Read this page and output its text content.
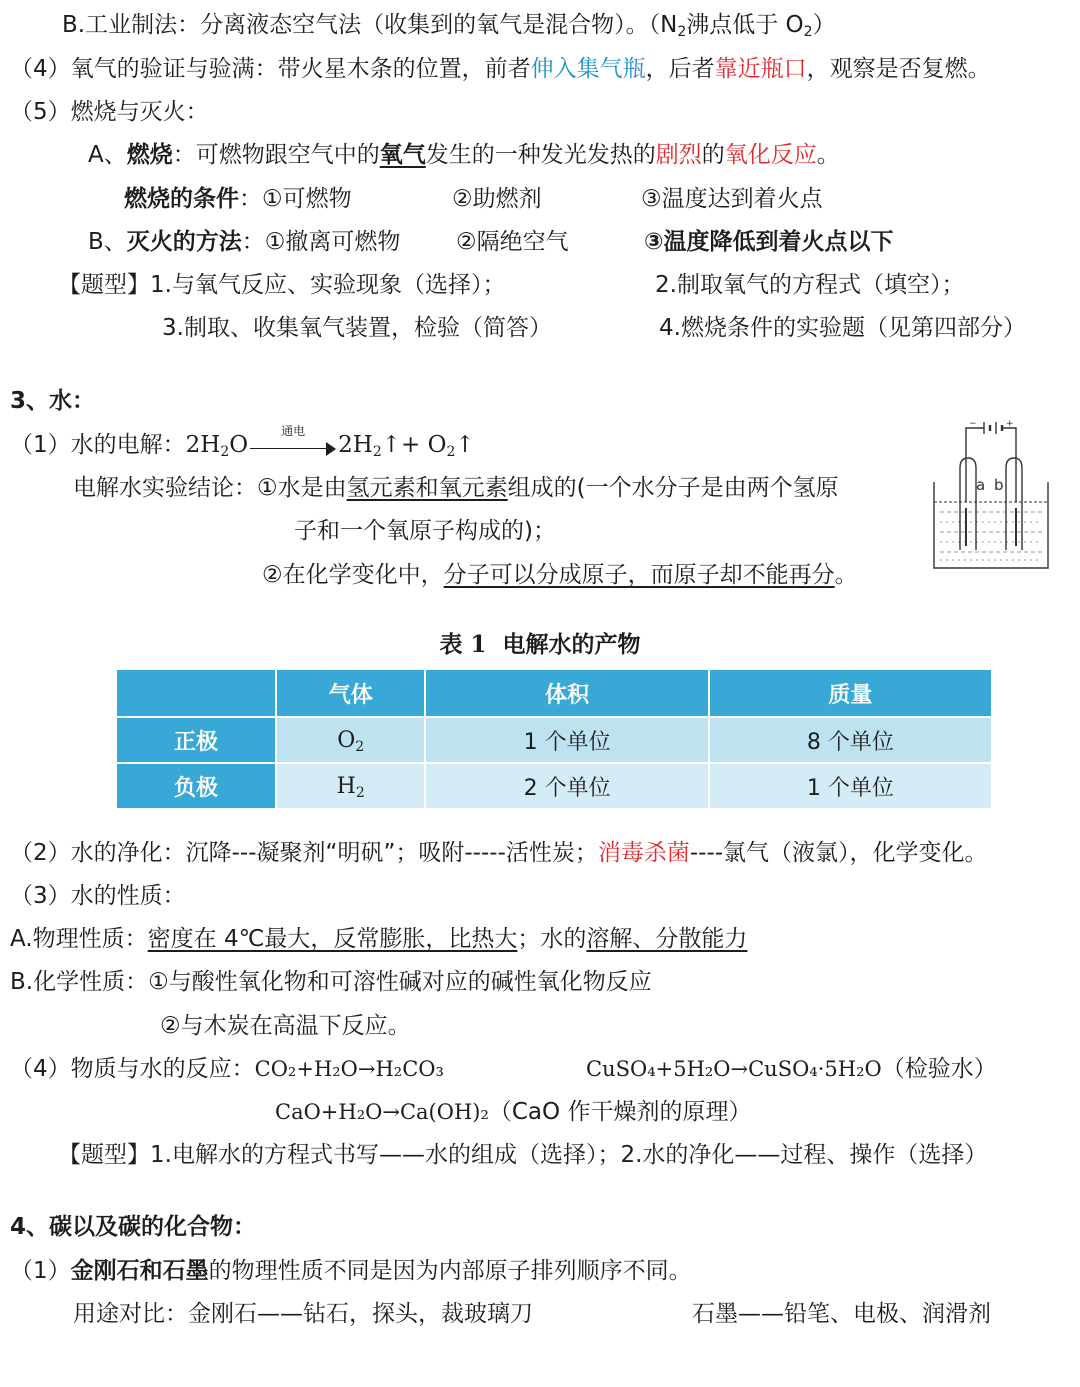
B.工业制法：分离液态空气法（收集到的氧气是混合物）。（$N_2$沸点低于 $O_2$）
（4）氧气的验证与验满：带火星木条的位置，前者伸入集气瓶，后者靠近瓶口，观察是否复燃。
（5）燃烧与灭火：
A、燃烧：可燃物跟空气中的氧气发生的一种发光发热的剧烈的氧化反应。
燃烧的条件：①可燃物	②助燃剂	③温度达到着火点
B、灭火的方法：①撤离可燃物 ②隔绝空气	③温度降低到着火点以下
【题型】1.与氧气反应、实验现象（选择）；	2.制取氧气的方程式（填空）；
3.制取、收集氧气装置，检验（简答）	4.燃烧条件的实验题（见第四部分）
3、水：
（1）水的电解：$2H_2O$
通电
$2H_2↑+$ $O_2↑$
电解水实验结论：①水是由氢元素和氧元素组成的(一个水分子是由两个氢原
子和一个氧原子构成的)；
②在化学变化中，分子可以分成原子，而原子却不能再分。
−	+
a b
表 1 电解水的产物
	气体	体积	质量
正极	$O_2$	1 个单位	8 个单位
负极	$H_2$	2 个单位	1 个单位
（2）水的净化：沉降---凝聚剂“明矾”；吸附-----活性炭；消毒杀菌----氯气（液氯），化学变化。
（3）水的性质：
A.物理性质：密度在 4℃最大，反常膨胀，比热大；水的溶解、分散能力
B.化学性质：①与酸性氧化物和可溶性碱对应的碱性氧化物反应
②与木炭在高温下反应。
（4）物质与水的反应：CO₂+H₂O→H₂CO₃	CuSO₄+5H₂O→CuSO₄·5H₂O（检验水）
CaO+H₂O→Ca(OH)₂（CaO 作干燥剂的原理）
【题型】1.电解水的方程式书写——水的组成（选择）；2.水的净化——过程、操作（选择）
4、碳以及碳的化合物：
（1）金刚石和石墨的物理性质不同是因为内部原子排列顺序不同。
用途对比：金刚石——钻石，探头，裁玻璃刀	石墨——铅笔、电极、润滑剂
